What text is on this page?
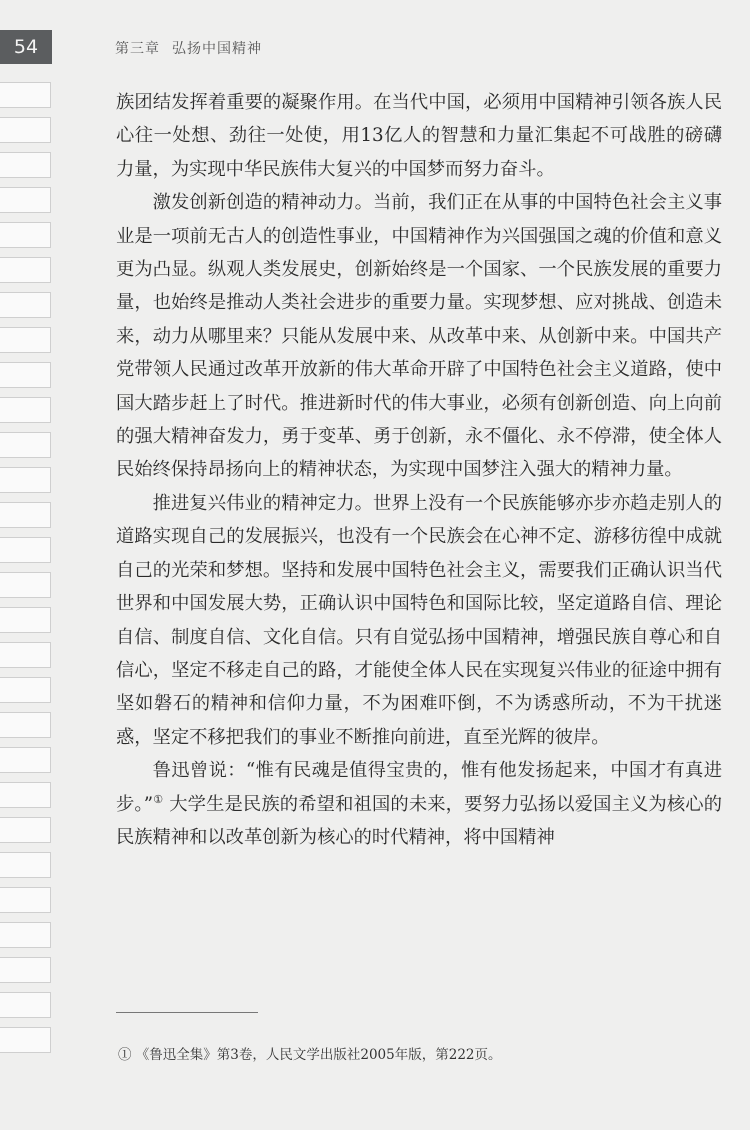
54	第三章 弘扬中国精神

族团结发挥着重要的凝聚作用。在当代中国，必须用中国精神引领各族人民心往一处想、劲往一处使，用13亿人的智慧和力量汇集起不可战胜的磅礴力量，为实现中华民族伟大复兴的中国梦而努力奋斗。

激发创新创造的精神动力。当前，我们正在从事的中国特色社会主义事业是一项前无古人的创造性事业，中国精神作为兴国强国之魂的价值和意义更为凸显。纵观人类发展史，创新始终是一个国家、一个民族发展的重要力量，也始终是推动人类社会进步的重要力量。实现梦想、应对挑战、创造未来，动力从哪里来？只能从发展中来、从改革中来、从创新中来。中国共产党带领人民通过改革开放新的伟大革命开辟了中国特色社会主义道路，使中国大踏步赶上了时代。推进新时代的伟大事业，必须有创新创造、向上向前的强大精神奋发力，勇于变革、勇于创新，永不僵化、永不停滞，使全体人民始终保持昂扬向上的精神状态，为实现中国梦注入强大的精神力量。

推进复兴伟业的精神定力。世界上没有一个民族能够亦步亦趋走别人的道路实现自己的发展振兴，也没有一个民族会在心神不定、游移彷徨中成就自己的光荣和梦想。坚持和发展中国特色社会主义，需要我们正确认识当代世界和中国发展大势，正确认识中国特色和国际比较，坚定道路自信、理论自信、制度自信、文化自信。只有自觉弘扬中国精神，增强民族自尊心和自信心，坚定不移走自己的路，才能使全体人民在实现复兴伟业的征途中拥有坚如磐石的精神和信仰力量，不为困难吓倒，不为诱惑所动，不为干扰迷惑，坚定不移把我们的事业不断推向前进，直至光辉的彼岸。

鲁迅曾说：“惟有民魂是值得宝贵的，惟有他发扬起来，中国才有真进步。”① 大学生是民族的希望和祖国的未来，要努力弘扬以爱国主义为核心的民族精神和以改革创新为核心的时代精神，将中国精神

① 《鲁迅全集》第3卷，人民文学出版社2005年版，第222页。
